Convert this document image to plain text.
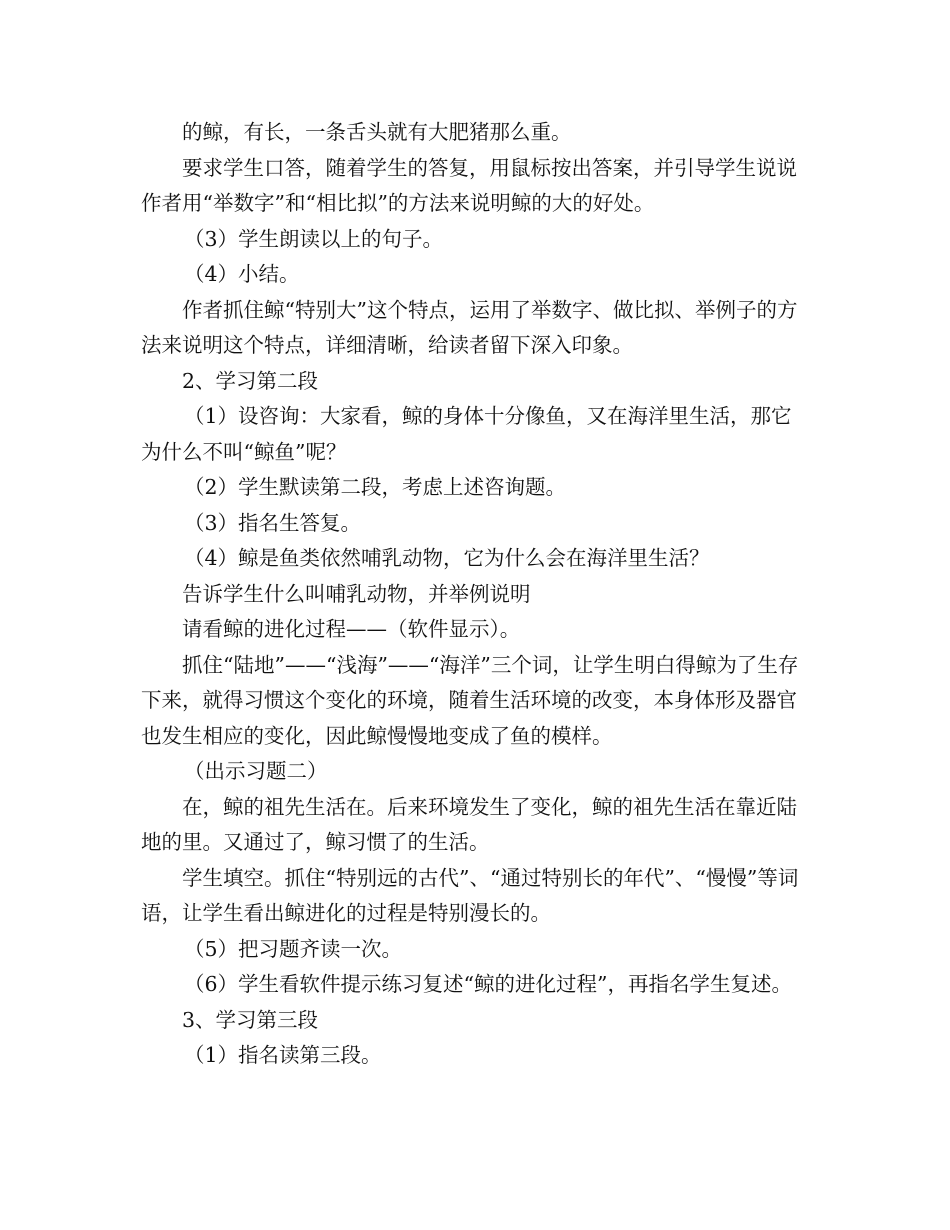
的鲸，有长，一条舌头就有大肥猪那么重。

要求学生口答，随着学生的答复，用鼠标按出答案，并引导学生说说作者用“举数字”和“相比拟”的方法来说明鲸的大的好处。

（3）学生朗读以上的句子。

（4）小结。

作者抓住鲸“特别大”这个特点，运用了举数字、做比拟、举例子的方法来说明这个特点，详细清晰，给读者留下深入印象。

2、学习第二段

（1）设咨询：大家看，鲸的身体十分像鱼，又在海洋里生活，那它为什么不叫“鲸鱼”呢？

（2）学生默读第二段，考虑上述咨询题。

（3）指名生答复。

（4）鲸是鱼类依然哺乳动物，它为什么会在海洋里生活？

告诉学生什么叫哺乳动物，并举例说明

请看鲸的进化过程——（软件显示）。

抓住“陆地”——“浅海”——“海洋”三个词，让学生明白得鲸为了生存下来，就得习惯这个变化的环境，随着生活环境的改变，本身体形及器官也发生相应的变化，因此鲸慢慢地变成了鱼的模样。

（出示习题二）

在，鲸的祖先生活在。后来环境发生了变化，鲸的祖先生活在靠近陆地的里。又通过了，鲸习惯了的生活。

学生填空。抓住“特别远的古代”、“通过特别长的年代”、“慢慢”等词语，让学生看出鲸进化的过程是特别漫长的。

（5）把习题齐读一次。

（6）学生看软件提示练习复述“鲸的进化过程”，再指名学生复述。

3、学习第三段

（1）指名读第三段。
